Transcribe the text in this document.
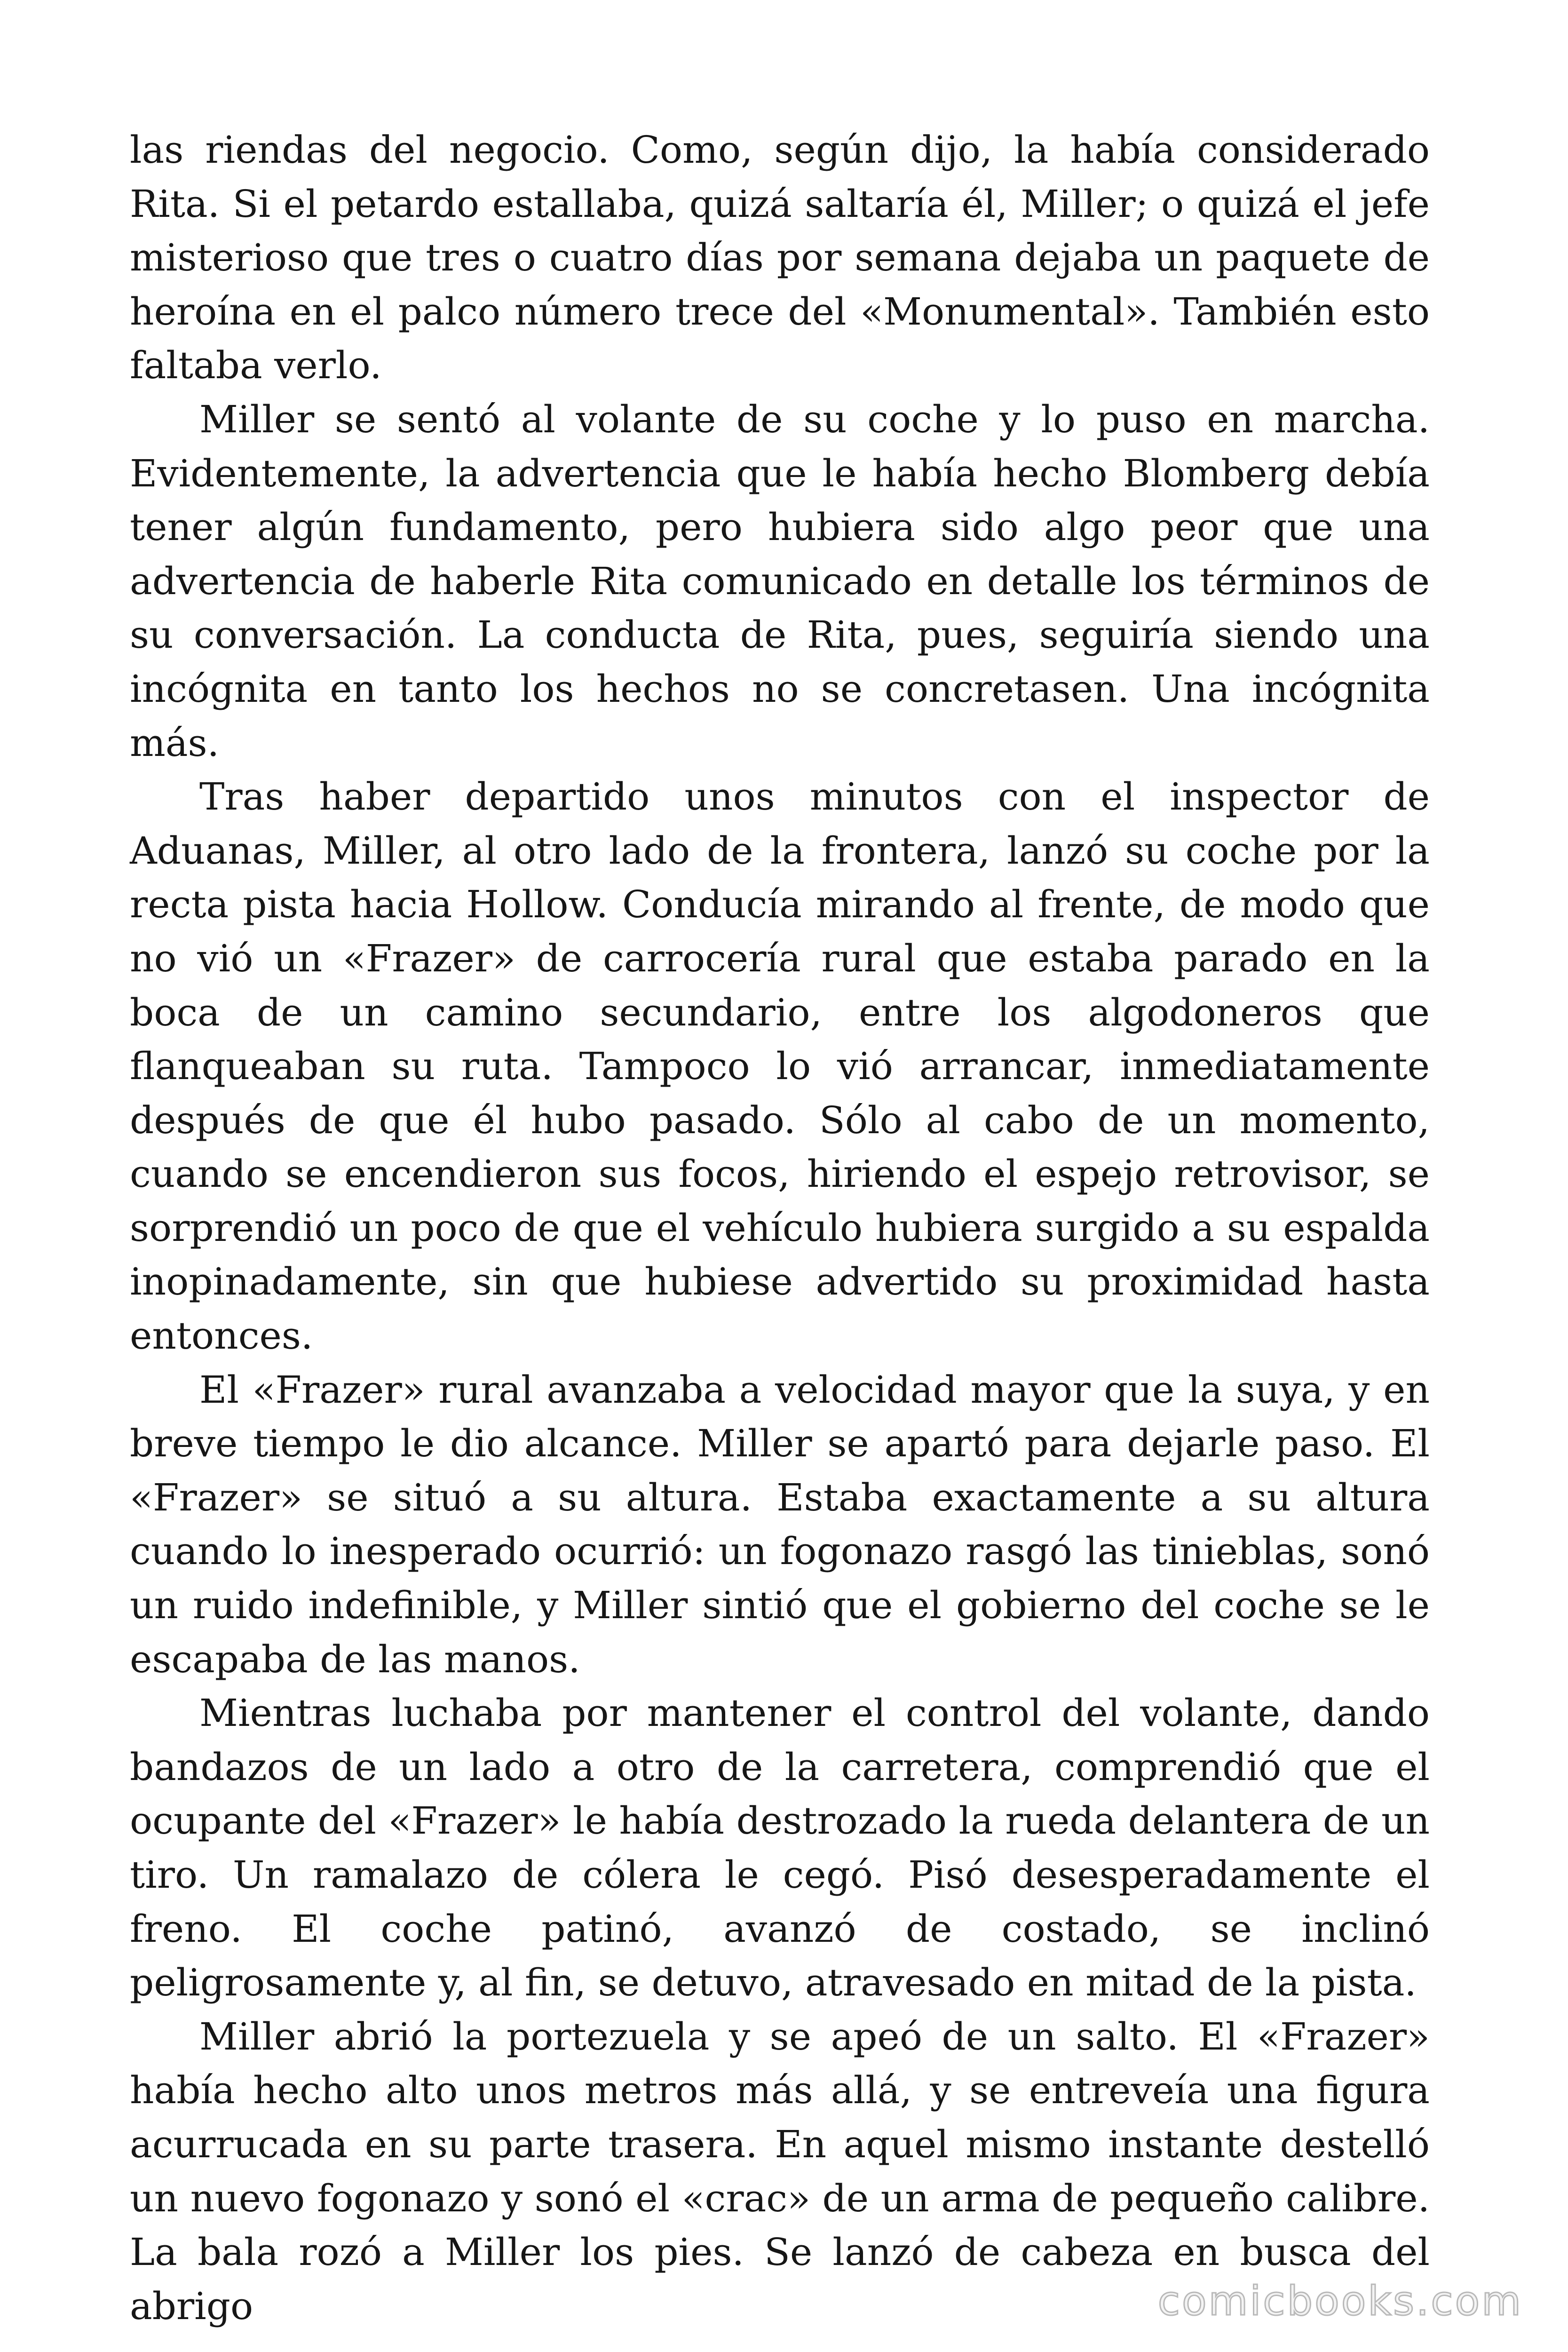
las riendas del negocio. Como, según dijo, la había considerado Rita. Si el petardo estallaba, quizá saltaría él, Miller; o quizá el jefe misterioso que tres o cuatro días por semana dejaba un paquete de heroína en el palco número trece del «Monumental». También esto faltaba verlo.

Miller se sentó al volante de su coche y lo puso en marcha. Evidentemente, la advertencia que le había hecho Blomberg debía tener algún fundamento, pero hubiera sido algo peor que una advertencia de haberle Rita comunicado en detalle los términos de su conversación. La conducta de Rita, pues, seguiría siendo una incógnita en tanto los hechos no se concretasen. Una incógnita más.

Tras haber departido unos minutos con el inspector de Aduanas, Miller, al otro lado de la frontera, lanzó su coche por la recta pista hacia Hollow. Conducía mirando al frente, de modo que no vió un «Frazer» de carrocería rural que estaba parado en la boca de un camino secundario, entre los algodoneros que flanqueaban su ruta. Tampoco lo vió arrancar, inmediatamente después de que él hubo pasado. Sólo al cabo de un momento, cuando se encendieron sus focos, hiriendo el espejo retrovisor, se sorprendió un poco de que el vehículo hubiera surgido a su espalda inopinadamente, sin que hubiese advertido su proximidad hasta entonces.

El «Frazer» rural avanzaba a velocidad mayor que la suya, y en breve tiempo le dio alcance. Miller se apartó para dejarle paso. El «Frazer» se situó a su altura. Estaba exactamente a su altura cuando lo inesperado ocurrió: un fogonazo rasgó las tinieblas, sonó un ruido indefinible, y Miller sintió que el gobierno del coche se le escapaba de las manos.

Mientras luchaba por mantener el control del volante, dando bandazos de un lado a otro de la carretera, comprendió que el ocupante del «Frazer» le había destrozado la rueda delantera de un tiro. Un ramalazo de cólera le cegó. Pisó desesperadamente el freno. El coche patinó, avanzó de costado, se inclinó peligrosamente y, al fin, se detuvo, atravesado en mitad de la pista.

Miller abrió la portezuela y se apeó de un salto. El «Frazer» había hecho alto unos metros más allá, y se entreveía una figura acurrucada en su parte trasera. En aquel mismo instante destelló un nuevo fogonazo y sonó el «crac» de un arma de pequeño calibre. La bala rozó a Miller los pies. Se lanzó de cabeza en busca del abrigo	comicbooks.com
